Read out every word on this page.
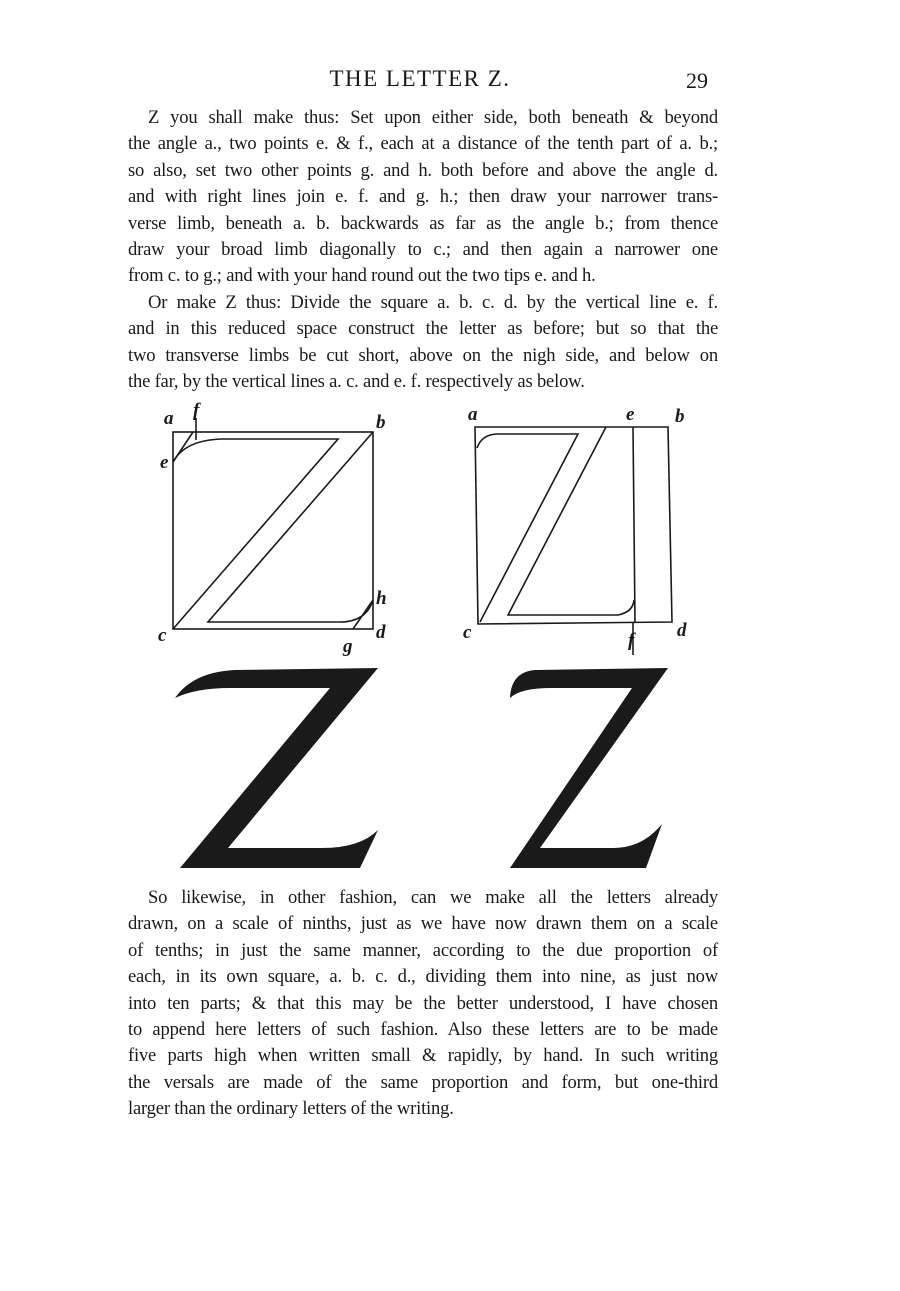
THE LETTER Z.	29
Z you shall make thus: Set upon either side, both beneath & beyond
the angle a., two points e. & f., each at a distance of the tenth part of a. b.;
so also, set two other points g. and h. both before and above the angle d.
and with right lines join e. f. and g. h.; then draw your narrower trans-
verse limb, beneath a. b. backwards as far as the angle b.; from thence
draw your broad limb diagonally to c.; and then again a narrower one
from c. to g.; and with your hand round out the two tips e. and h.
Or make Z thus: Divide the square a. b. c. d. by the vertical line e. f.
and in this reduced space construct the letter as before; but so that the
two transverse limbs be cut short, above on the nigh side, and below on
the far, by the vertical lines a. c. and e. f. respectively as below.
a f
b
e
c
h
g
d
a	e b
c	f d
So likewise, in other fashion, can we make all the letters already
drawn, on a scale of ninths, just as we have now drawn them on a scale
of tenths; in just the same manner, according to the due proportion of
each, in its own square, a. b. c. d., dividing them into nine, as just now
into ten parts; & that this may be the better understood, I have chosen
to append here letters of such fashion. Also these letters are to be made
five parts high when written small & rapidly, by hand. In such writing
the versals are made of the same proportion and form, but one-third
larger than the ordinary letters of the writing.
